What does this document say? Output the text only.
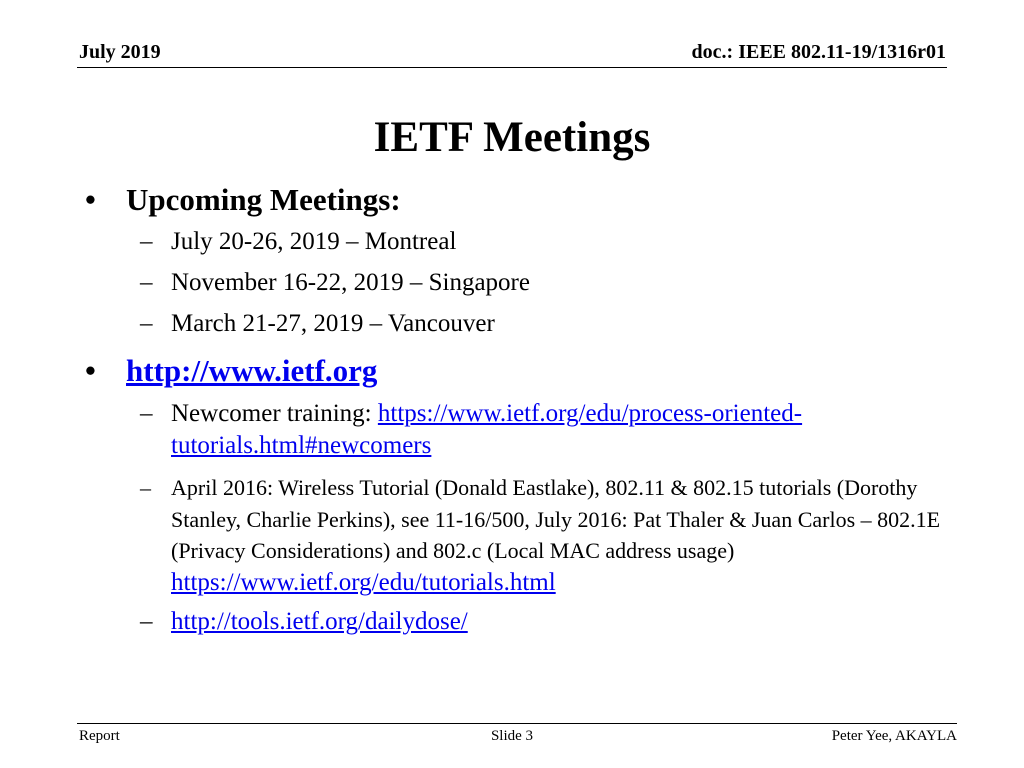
July 2019	doc.: IEEE 802.11-19/1316r01
IETF Meetings
• Upcoming Meetings:
– July 20-26, 2019 – Montreal
– November 16-22, 2019 – Singapore
– March 21-27, 2019 – Vancouver
• http://www.ietf.org
– Newcomer training: https://www.ietf.org/edu/process-oriented-
tutorials.html#newcomers
– April 2016: Wireless Tutorial (Donald Eastlake), 802.11 & 802.15 tutorials (Dorothy Stanley, Charlie Perkins), see 11-16/500, July 2016: Pat Thaler & Juan Carlos – 802.1E (Privacy Considerations) and 802.c (Local MAC address usage) https://www.ietf.org/edu/tutorials.html
– http://tools.ietf.org/dailydose/
Report	Slide 3	Peter Yee, AKAYLA
